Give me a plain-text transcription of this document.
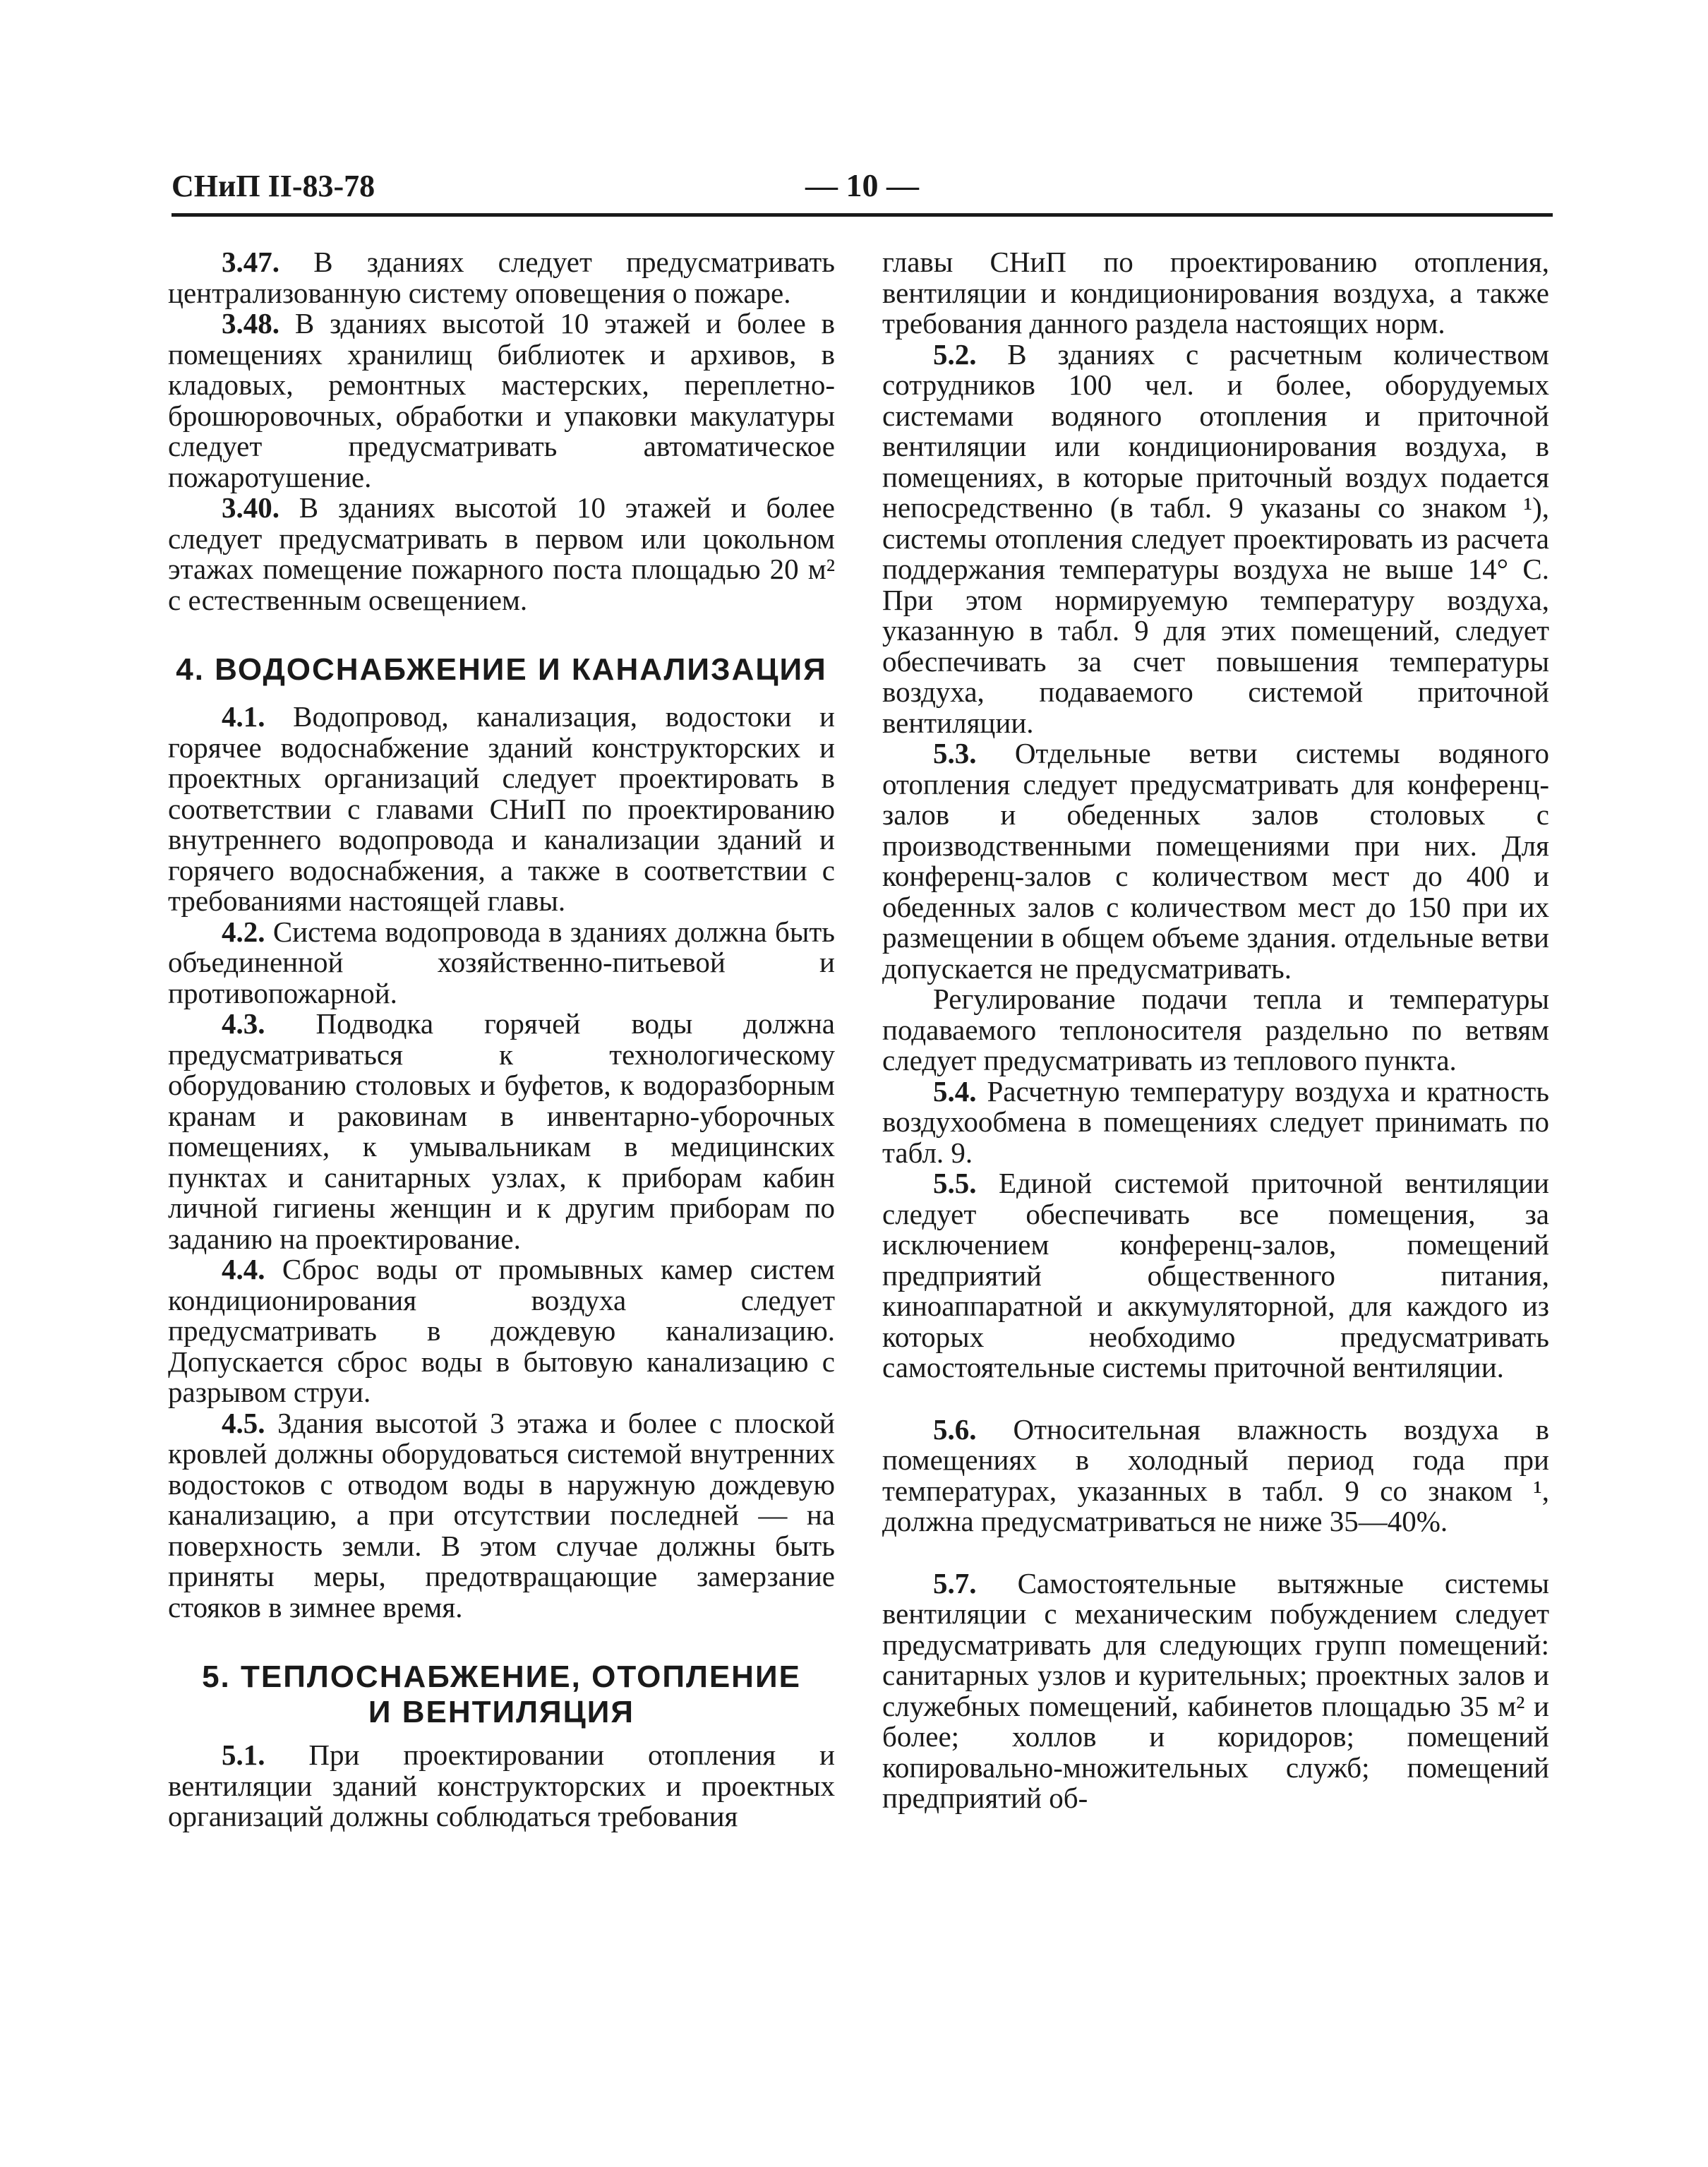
СНиП II-83-78	— 10 —

3.47. В зданиях следует предусматривать централизованную систему оповещения о пожаре.

3.48. В зданиях высотой 10 этажей и более в помещениях хранилищ библиотек и архивов, в кладовых, ремонтных мастерских, переплетно-брошюровочных, обработки и упаковки макулатуры следует предусматривать автоматическое пожаротушение.

3.40. В зданиях высотой 10 этажей и более следует предусматривать в первом или цокольном этажах помещение пожарного поста площадью 20 м² с естественным освещением.

4. ВОДОСНАБЖЕНИЕ И КАНАЛИЗАЦИЯ

4.1. Водопровод, канализация, водостоки и горячее водоснабжение зданий конструкторских и проектных организаций следует проектировать в соответствии с главами СНиП по проектированию внутреннего водопровода и канализации зданий и горячего водоснабжения, а также в соответствии с требованиями настоящей главы.

4.2. Система водопровода в зданиях должна быть объединенной хозяйственно-питьевой и противопожарной.

4.3. Подводка горячей воды должна предусматриваться к технологическому оборудованию столовых и буфетов, к водоразборным кранам и раковинам в инвентарно-уборочных помещениях, к умывальникам в медицинских пунктах и санитарных узлах, к приборам кабин личной гигиены женщин и к другим приборам по заданию на проектирование.

4.4. Сброс воды от промывных камер систем кондиционирования воздуха следует предусматривать в дождевую канализацию. Допускается сброс воды в бытовую канализацию с разрывом струи.

4.5. Здания высотой 3 этажа и более с плоской кровлей должны оборудоваться системой внутренних водостоков с отводом воды в наружную дождевую канализацию, а при отсутствии последней — на поверхность земли. В этом случае должны быть приняты меры, предотвращающие замерзание стояков в зимнее время.

5. ТЕПЛОСНАБЖЕНИЕ, ОТОПЛЕНИЕ

И ВЕНТИЛЯЦИЯ

5.1. При проектировании отопления и вентиляции зданий конструкторских и проектных организаций должны соблюдаться требования

главы СНиП по проектированию отопления, вентиляции и кондиционирования воздуха, а также требования данного раздела настоящих норм.

5.2. В зданиях с расчетным количеством сотрудников 100 чел. и более, оборудуемых системами водяного отопления и приточной вентиляции или кондиционирования воздуха, в помещениях, в которые приточный воздух подается непосредственно (в табл. 9 указаны со знаком ¹), системы отопления следует проектировать из расчета поддержания температуры воздуха не выше 14° С. При этом нормируемую температуру воздуха, указанную в табл. 9 для этих помещений, следует обеспечивать за счет повышения температуры воздуха, подаваемого системой приточной вентиляции.

5.3. Отдельные ветви системы водяного отопления следует предусматривать для конференц-залов и обеденных залов столовых с производственными помещениями при них. Для конференц-залов с количеством мест до 400 и обеденных залов с количеством мест до 150 при их размещении в общем объеме здания. отдельные ветви допускается не предусматривать.

Регулирование подачи тепла и температуры подаваемого теплоносителя раздельно по ветвям следует предусматривать из теплового пункта.

5.4. Расчетную температуру воздуха и кратность воздухообмена в помещениях следует принимать по табл. 9.

5.5. Единой системой приточной вентиляции следует обеспечивать все помещения, за исключением конференц-залов, помещений предприятий общественного питания, киноаппаратной и аккумуляторной, для каждого из которых необходимо предусматривать самостоятельные системы приточной вентиляции.

5.6. Относительная влажность воздуха в помещениях в холодный период года при температурах, указанных в табл. 9 со знаком ¹, должна предусматриваться не ниже 35—40%.

5.7. Самостоятельные вытяжные системы вентиляции с механическим побуждением следует предусматривать для следующих групп помещений: санитарных узлов и курительных; проектных залов и служебных помещений, кабинетов площадью 35 м² и более; холлов и коридоров; помещений копировально-множительных служб; помещений предприятий об-
